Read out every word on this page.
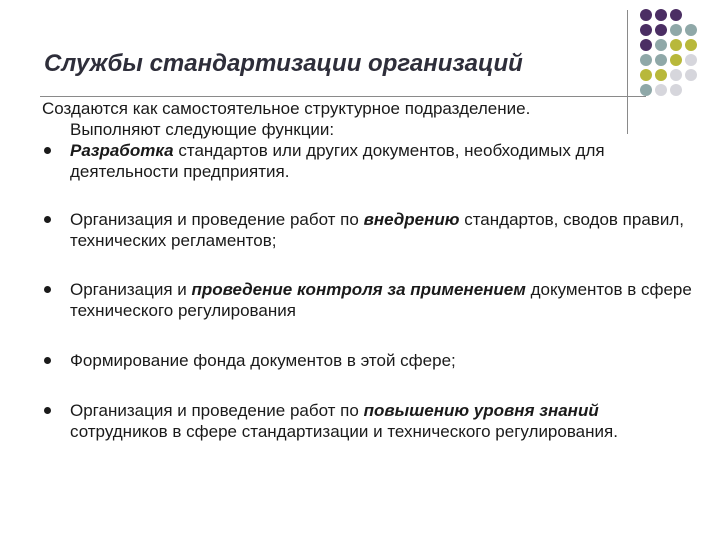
Службы стандартизации организаций

Создаются как самостоятельное структурное подразделение.
Выполняют следующие функции:

Разработка стандартов или других документов, необходимых для деятельности предприятия.
Организация и проведение работ по внедрению стандартов, сводов правил, технических регламентов;
Организация и проведение контроля за применением документов в сфере технического регулирования
Формирование фонда документов в этой сфере;
Организация и проведение работ по повышению уровня знаний сотрудников в сфере стандартизации и технического регулирования.
